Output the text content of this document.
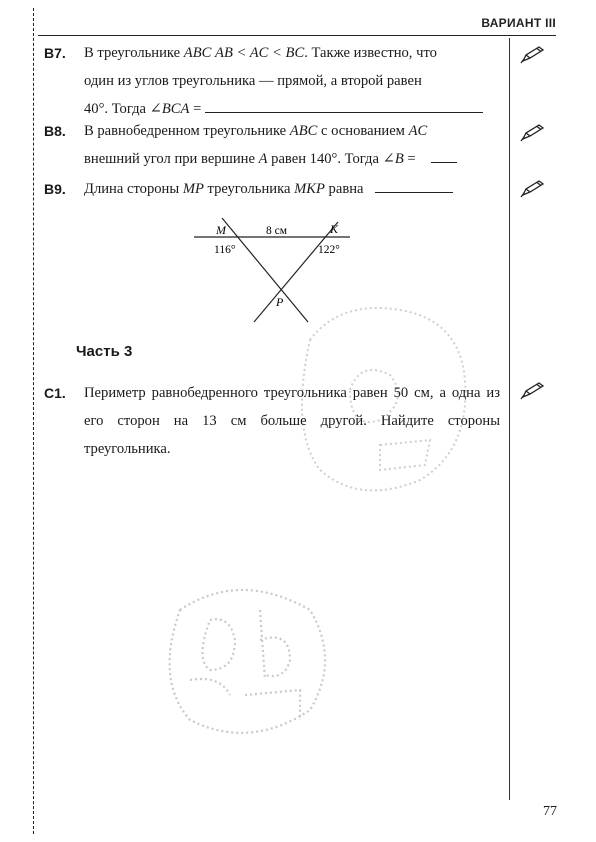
ВАРИАНТ III
B7. В треугольнике ABC AB < AC < BC. Также известно, что
один из углов треугольника — прямой, а второй равен
40°. Тогда ∠BCA =
B8. В равнобедренном треугольнике ABC с основанием AC
внешний угол при вершине A равен 140°. Тогда ∠B =
B9. Длина стороны MP треугольника MKP равна
M	K
P
8 см
116°	122°
Часть 3
C1. Периметр равнобедренного треугольника равен 50 см, а одна из его сторон на 13 см больше другой. Найдите стороны треугольника.
77
